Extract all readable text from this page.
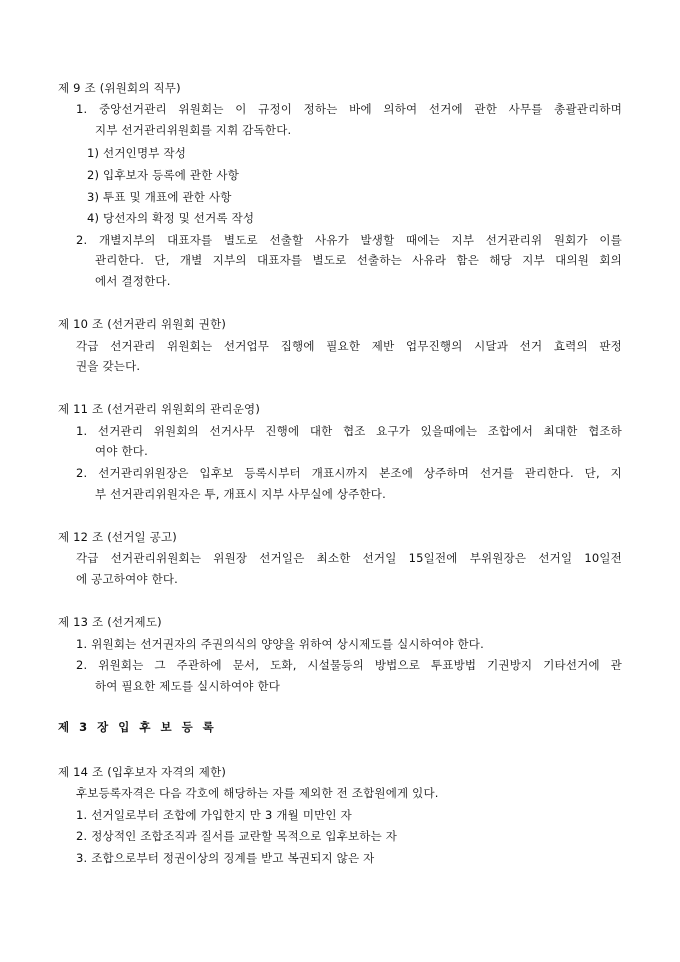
제 9 조 (위원회의 직무)
1. 중앙선거관리 위원회는 이 규정이 정하는 바에 의하여 선거에 관한 사무를 총괄관리하며
지부 선거관리위원회를 지휘 감독한다.
1) 선거인명부 작성
2) 입후보자 등록에 관한 사항
3) 투표 및 개표에 관한 사항
4) 당선자의 확정 및 선거록 작성
2. 개별지부의 대표자를 별도로 선출할 사유가 발생할 때에는 지부 선거관리위 원회가 이를
관리한다. 단, 개별 지부의 대표자를 별도로 선출하는 사유라 함은 해당 지부 대의원 회의
에서 결정한다.
제 10 조 (선거관리 위원회 권한)
각급 선거관리 위원회는 선거업무 집행에 필요한 제반 업무진행의 시달과 선거 효력의 판정
권을 갖는다.
제 11 조 (선거관리 위원회의 관리운영)
1. 선거관리 위원회의 선거사무 진행에 대한 협조 요구가 있을때에는 조합에서 최대한 협조하
여야 한다.
2. 선거관리위원장은 입후보 등록시부터 개표시까지 본조에 상주하며 선거를 관리한다. 단, 지
부 선거관리위원자은 투, 개표시 지부 사무실에 상주한다.
제 12 조 (선거일 공고)
각급 선거관리위원회는 위원장 선거일은 최소한 선거일 15일전에 부위원장은 선거일 10일전
에 공고하여야 한다.
제 13 조 (선거제도)
1. 위원회는 선거권자의 주권의식의 양양을 위하여 상시제도를 실시하여야 한다.
2. 위원회는 그 주관하에 문서, 도화, 시설물등의 방법으로 투표방법 기권방지 기타선거에 관
하여 필요한 제도를 실시하여야 한다
제 3 장 입 후 보 등 록
제 14 조 (입후보자 자격의 제한)
후보등록자격은 다음 각호에 해당하는 자를 제외한 전 조합원에게 있다.
1. 선거일로부터 조합에 가입한지 만 3 개월 미만인 자
2. 정상적인 조합조직과 질서를 교란할 목적으로 입후보하는 자
3. 조합으로부터 정권이상의 징계를 받고 복권되지 않은 자
